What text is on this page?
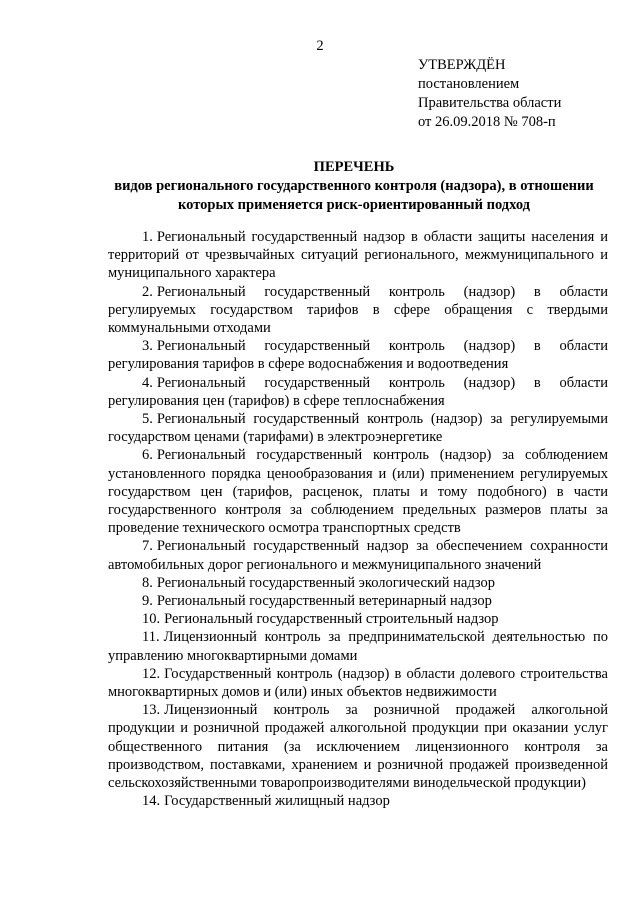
2
УТВЕРЖДЁН
постановлением
Правительства области
от 26.09.2018 № 708-п
ПЕРЕЧЕНЬ
видов регионального государственного контроля (надзора), в отношении
которых применяется риск-ориентированный подход

1. Региональный государственный надзор в области защиты населения и территорий от чрезвычайных ситуаций регионального, межмуниципального и муниципального характера

2. Региональный государственный контроль (надзор) в области регулируемых государством тарифов в сфере обращения с твердыми коммунальными отходами

3. Региональный государственный контроль (надзор) в области регулирования тарифов в сфере водоснабжения и водоотведения

4. Региональный государственный контроль (надзор) в области регулирования цен (тарифов) в сфере теплоснабжения

5. Региональный государственный контроль (надзор) за регулируемыми государством ценами (тарифами) в электроэнергетике

6. Региональный государственный контроль (надзор) за соблюдением установленного порядка ценообразования и (или) применением регулируемых государством цен (тарифов, расценок, платы и тому подобного) в части государственного контроля за соблюдением предельных размеров платы за проведение технического осмотра транспортных средств

7. Региональный государственный надзор за обеспечением сохранности автомобильных дорог регионального и межмуниципального значений

8. Региональный государственный экологический надзор

9. Региональный государственный ветеринарный надзор

10. Региональный государственный строительный надзор

11. Лицензионный контроль за предпринимательской деятельностью по управлению многоквартирными домами

12. Государственный контроль (надзор) в области долевого строительства многоквартирных домов и (или) иных объектов недвижимости

13. Лицензионный контроль за розничной продажей алкогольной продукции и розничной продажей алкогольной продукции при оказании услуг общественного питания (за исключением лицензионного контроля за производством, поставками, хранением и розничной продажей произведенной сельскохозяйственными товаропроизводителями винодельческой продукции)

14. Государственный жилищный надзор
